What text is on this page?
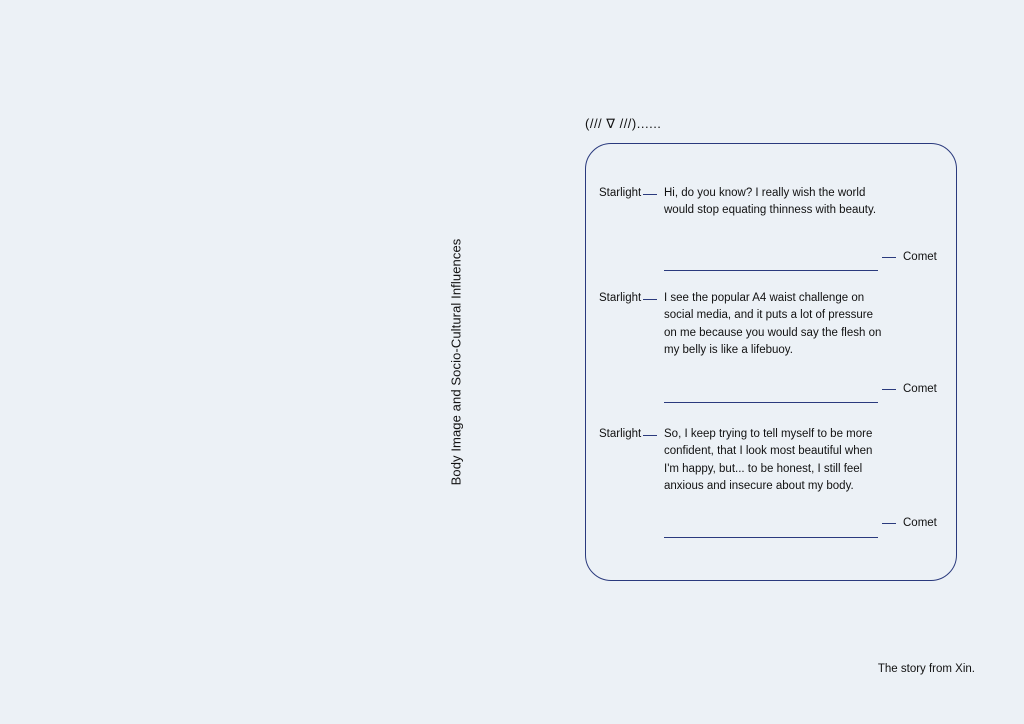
Body Image and Socio-Cultural Influences
(/// ∇ ///)......
Starlight Hi, do you know? I really wish the world would stop equating thinness with beauty.
Comet
Starlight I see the popular A4 waist challenge on social media, and it puts a lot of pressure on me because you would say the flesh on my belly is like a lifebuoy.
Comet
Starlight So, I keep trying to tell myself to be more confident, that I look most beautiful when I'm happy, but... to be honest, I still feel anxious and insecure about my body.
Comet
The story from Xin.
